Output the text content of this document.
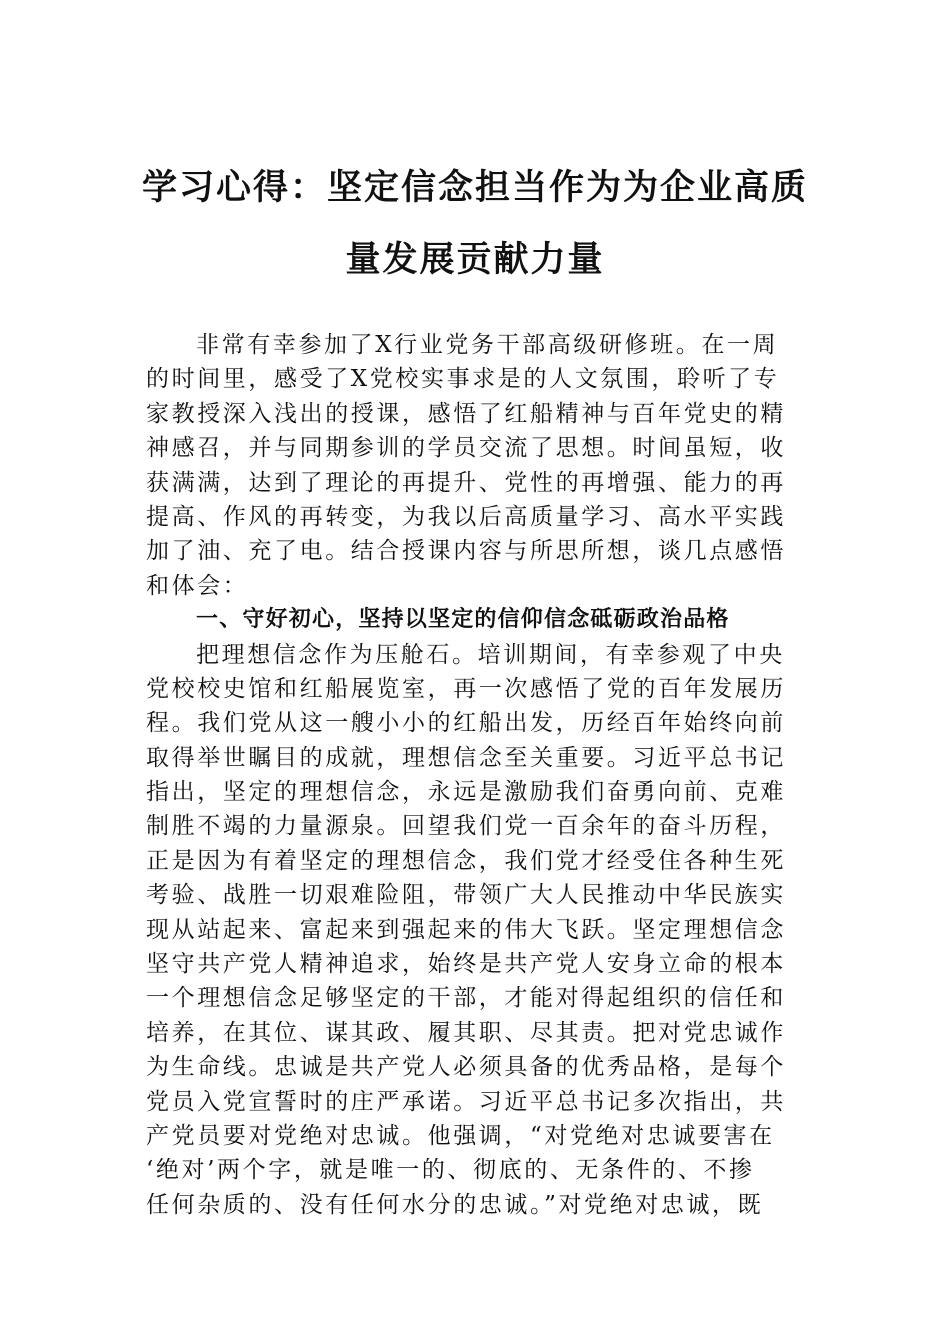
学习心得：坚定信念担当作为为企业高质
量发展贡献力量
非常有幸参加了X行业党务干部高级研修班。在一周
的时间里，感受了X党校实事求是的人文氛围，聆听了专
家教授深入浅出的授课，感悟了红船精神与百年党史的精
神感召，并与同期参训的学员交流了思想。时间虽短，收
获满满，达到了理论的再提升、党性的再增强、能力的再
提高、作风的再转变，为我以后高质量学习、高水平实践
加了油、充了电。结合授课内容与所思所想，谈几点感悟
和体会：
一、守好初心，坚持以坚定的信仰信念砥砺政治品格
把理想信念作为压舱石。培训期间，有幸参观了中央
党校校史馆和红船展览室，再一次感悟了党的百年发展历
程。我们党从这一艘小小的红船出发，历经百年始终向前
取得举世瞩目的成就，理想信念至关重要。习近平总书记
指出，坚定的理想信念，永远是激励我们奋勇向前、克难
制胜不竭的力量源泉。回望我们党一百余年的奋斗历程，
正是因为有着坚定的理想信念，我们党才经受住各种生死
考验、战胜一切艰难险阻，带领广大人民推动中华民族实
现从站起来、富起来到强起来的伟大飞跃。坚定理想信念
坚守共产党人精神追求，始终是共产党人安身立命的根本
一个理想信念足够坚定的干部，才能对得起组织的信任和
培养，在其位、谋其政、履其职、尽其责。把对党忠诚作
为生命线。忠诚是共产党人必须具备的优秀品格，是每个
党员入党宣誓时的庄严承诺。习近平总书记多次指出，共
产党员要对党绝对忠诚。他强调，“对党绝对忠诚要害在
‘绝对’两个字，就是唯一的、彻底的、无条件的、不掺
任何杂质的、没有任何水分的忠诚。”对党绝对忠诚，既
